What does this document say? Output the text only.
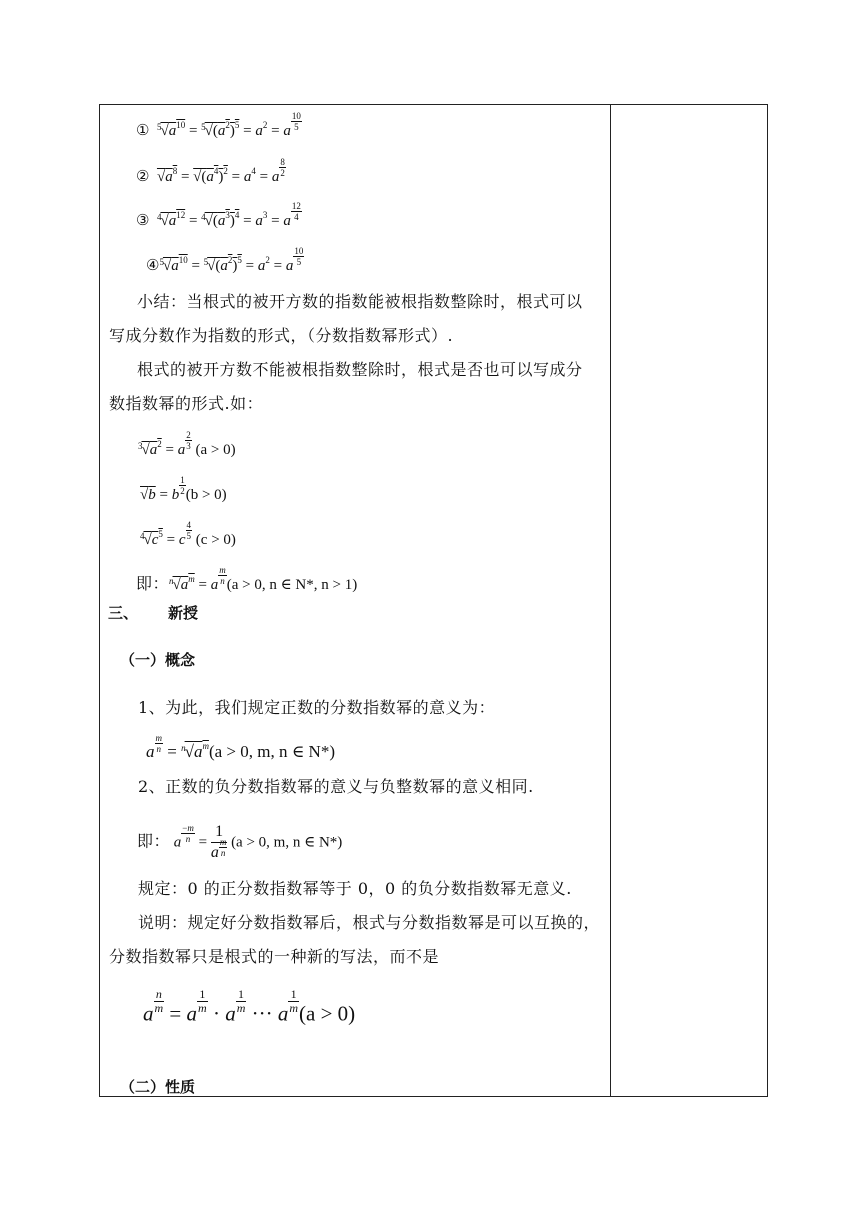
① $^5√a^{10} = ^5√(a^2)^5 = a^2 = a \frac{10}{5}$
② $√a^8 = √(a^4)^2 = a^4 = a \frac{8}{2}$
③ $^4√a^{12} = ^4√(a^3)^4 = a^3 = a \frac{12}{4}$
$④^5√a^{10} = ^5√(a^2)^5 = a^2 = a \frac{10}{5}$
小结：当根式的被开方数的指数能被根指数整除时，根式可以
写成分数作为指数的形式，（分数指数幂形式）.
根式的被开方数不能被根指数整除时，根式是否也可以写成分
数指数幂的形式.如：
$^3√a^2 = a \frac{2}{3} (a > 0)$
√b = b $\frac{1}{2} (b > 0)$
$^4√c^5 = c \frac{4}{5} (c > 0)$
即：$^n√a^m = a \frac{m}{n} (a > 0$, n ∈ N*, n > 1)
三、 新授
（一）概念
1、为此，我们规定正数的分数指数幂的意义为：
a $\frac{m}{n} = ^n√a^m(a > 0$, m, n ∈ N*)
2、正数的负分数指数幂的意义与负整数幂的意义相同.
即： a $\frac{-m}{n}$ =
1
a $\frac{m}{n} (a > 0$, m, n ∈ N*)
规定：0 的正分数指数幂等于 0，0 的负分数指数幂无意义.
说明：规定好分数指数幂后，根式与分数指数幂是可以互换的，
分数指数幂只是根式的一种新的写法，而不是
a $\frac{n}{m} = a \frac{1}{m} \cdot a \frac{1}{m}$ ··· a $\frac{1}{m} (a > 0)$
（二）性质
